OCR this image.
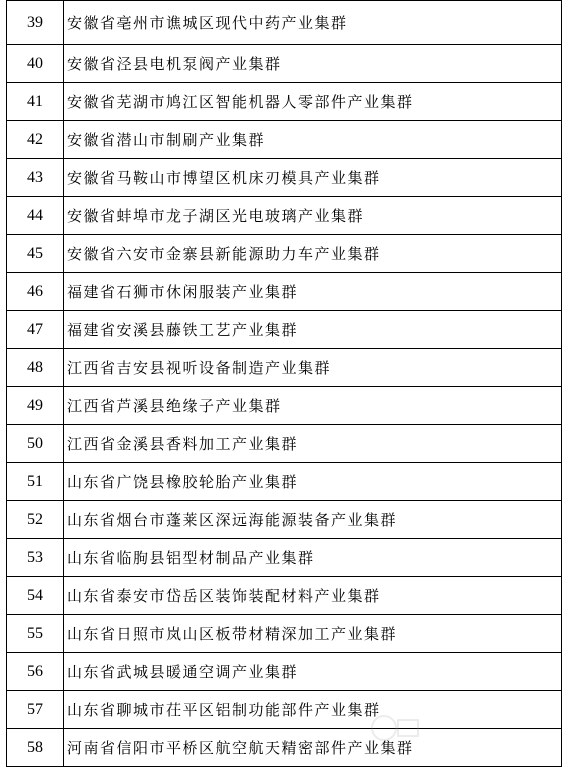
39	安徽省亳州市谯城区现代中药产业集群
40	安徽省泾县电机泵阀产业集群
41	安徽省芜湖市鸠江区智能机器人零部件产业集群
42	安徽省潜山市制刷产业集群
43	安徽省马鞍山市博望区机床刃模具产业集群
44	安徽省蚌埠市龙子湖区光电玻璃产业集群
45	安徽省六安市金寨县新能源助力车产业集群
46	福建省石狮市休闲服装产业集群
47	福建省安溪县藤铁工艺产业集群
48	江西省吉安县视听设备制造产业集群
49	江西省芦溪县绝缘子产业集群
50	江西省金溪县香料加工产业集群
51	山东省广饶县橡胶轮胎产业集群
52	山东省烟台市蓬莱区深远海能源装备产业集群
53	山东省临朐县铝型材制品产业集群
54	山东省泰安市岱岳区装饰装配材料产业集群
55	山东省日照市岚山区板带材精深加工产业集群
56	山东省武城县暖通空调产业集群
57	山东省聊城市茌平区铝制功能部件产业集群
58	河南省信阳市平桥区航空航天精密部件产业集群
